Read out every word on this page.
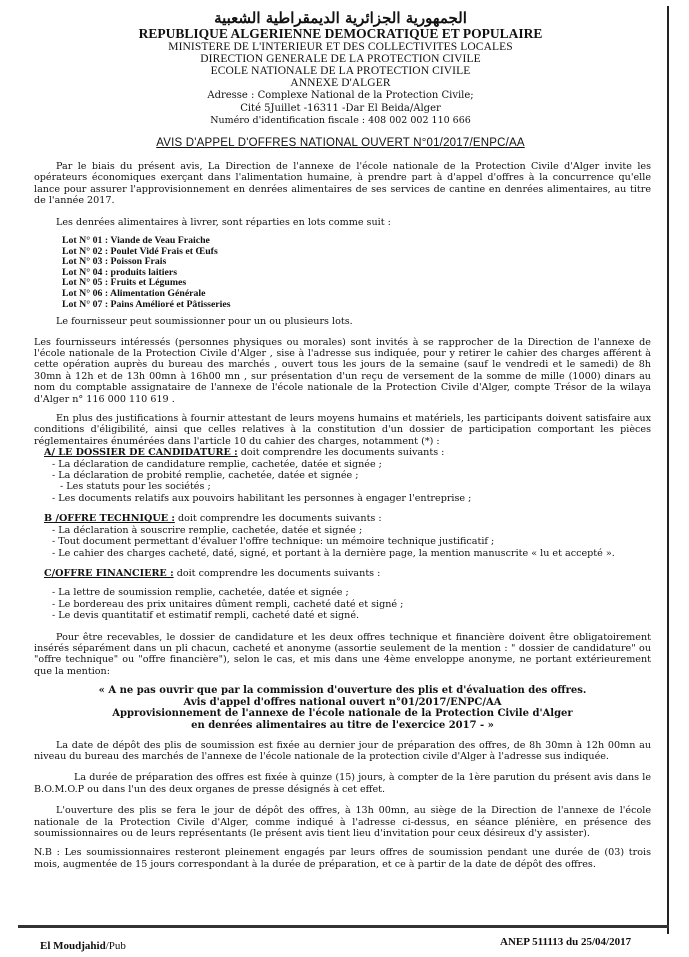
الجمهورية الجزائرية الديمقراطية الشعبية
REPUBLIQUE ALGERIENNE DEMOCRATIQUE ET POPULAIRE
MINISTERE DE L'INTERIEUR ET DES COLLECTIVITES LOCALES
DIRECTION GENERALE DE LA PROTECTION CIVILE
ECOLE NATIONALE DE LA PROTECTION CIVILE
ANNEXE D'ALGER
Adresse : Complexe National de la Protection Civile;
Cité 5Juillet -16311 -Dar El Beida/Alger
Numéro d'identification fiscale : 408 002 002 110 666
AVIS D'APPEL D'OFFRES NATIONAL OUVERT N°01/2017/ENPC/AA

Par le biais du présent avis, La Direction de l'annexe de l'école nationale de la Protection Civile d'Alger invite les opérateurs économiques exerçant dans l'alimentation humaine, à prendre part à d'appel d'offres à la concurrence qu'elle lance pour assurer l'approvisionnement en denrées alimentaires de ses services de cantine en denrées alimentaires, au titre de l'année 2017.

Les denrées alimentaires à livrer, sont réparties en lots comme suit :

Lot N° 01 : Viande de Veau Fraiche
Lot N° 02 : Poulet Vidé Frais et Œufs
Lot N° 03 : Poisson Frais
Lot N° 04 : produits laitiers
Lot N° 05 : Fruits et Légumes
Lot N° 06 : Alimentation Générale
Lot N° 07 : Pains Amélioré et Pâtisseries

Le fournisseur peut soumissionner pour un ou plusieurs lots.

Les fournisseurs intéressés (personnes physiques ou morales) sont invités à se rapprocher de la Direction de l'annexe de l'école nationale de la Protection Civile d'Alger , sise à l'adresse sus indiquée, pour y retirer le cahier des charges afférent à cette opération auprès du bureau des marchés , ouvert tous les jours de la semaine (sauf le vendredi et le samedi) de 8h 30mn à 12h et de 13h 00mn à 16h00 mn , sur présentation d'un reçu de versement de la somme de mille (1000) dinars au nom du comptable assignataire de l'annexe de l'école nationale de la Protection Civile d'Alger, compte Trésor de la wilaya d'Alger n° 116 000 110 619 .

En plus des justifications à fournir attestant de leurs moyens humains et matériels, les participants doivent satisfaire aux conditions d'éligibilité, ainsi que celles relatives à la constitution d'un dossier de participation comportant les pièces réglementaires énumérées dans l'article 10 du cahier des charges, notamment (*) :

A/ LE DOSSIER DE CANDIDATURE : doit comprendre les documents suivants :
- La déclaration de candidature remplie, cachetée, datée et signée ;
- La déclaration de probité remplie, cachetée, datée et signée ;
- Les statuts pour les sociétés ;
- Les documents relatifs aux pouvoirs habilitant les personnes à engager l'entreprise ;
B /OFFRE TECHNIQUE : doit comprendre les documents suivants :
- La déclaration à souscrire remplie, cachetée, datée et signée ;
- Tout document permettant d'évaluer l'offre technique: un mémoire technique justificatif ;
- Le cahier des charges cacheté, daté, signé, et portant à la dernière page, la mention manuscrite « lu et accepté ».
C/OFFRE FINANCIERE : doit comprendre les documents suivants :
- La lettre de soumission remplie, cachetée, datée et signée ;
- Le bordereau des prix unitaires dûment rempli, cacheté daté et signé ;
- Le devis quantitatif et estimatif rempli, cacheté daté et signé.

Pour être recevables, le dossier de candidature et les deux offres technique et financière doivent être obligatoirement insérés séparément dans un pli chacun, cacheté et anonyme (assortie seulement de la mention : " dossier de candidature" ou "offre technique" ou "offre financière"), selon le cas, et mis dans une 4ème enveloppe anonyme, ne portant extérieurement que la mention:

« A ne pas ouvrir que par la commission d'ouverture des plis et d'évaluation des offres.
Avis d'appel d'offres national ouvert n°01/2017/ENPC/AA
Approvisionnement de l'annexe de l'école nationale de la Protection Civile d'Alger
en denrées alimentaires au titre de l'exercice 2017 - »

La date de dépôt des plis de soumission est fixée au dernier jour de préparation des offres, de 8h 30mn à 12h 00mn au niveau du bureau des marchés de l'annexe de l'école nationale de la protection civile d'Alger à l'adresse sus indiquée.

La durée de préparation des offres est fixée à quinze (15) jours, à compter de la 1ère parution du présent avis dans le B.O.M.O.P ou dans l'un des deux organes de presse désignés à cet effet.

L'ouverture des plis se fera le jour de dépôt des offres, à 13h 00mn, au siège de la Direction de l'annexe de l'école nationale de la Protection Civile d'Alger, comme indiqué à l'adresse ci-dessus, en séance plénière, en présence des soumissionnaires ou de leurs représentants (le présent avis tient lieu d'invitation pour ceux désireux d'y assister).

N.B : Les soumissionnaires resteront pleinement engagés par leurs offres de soumission pendant une durée de (03) trois mois, augmentée de 15 jours correspondant à la durée de préparation, et ce à partir de la date de dépôt des offres.

El Moudjahid/Pub	ANEP 511113 du 25/04/2017
